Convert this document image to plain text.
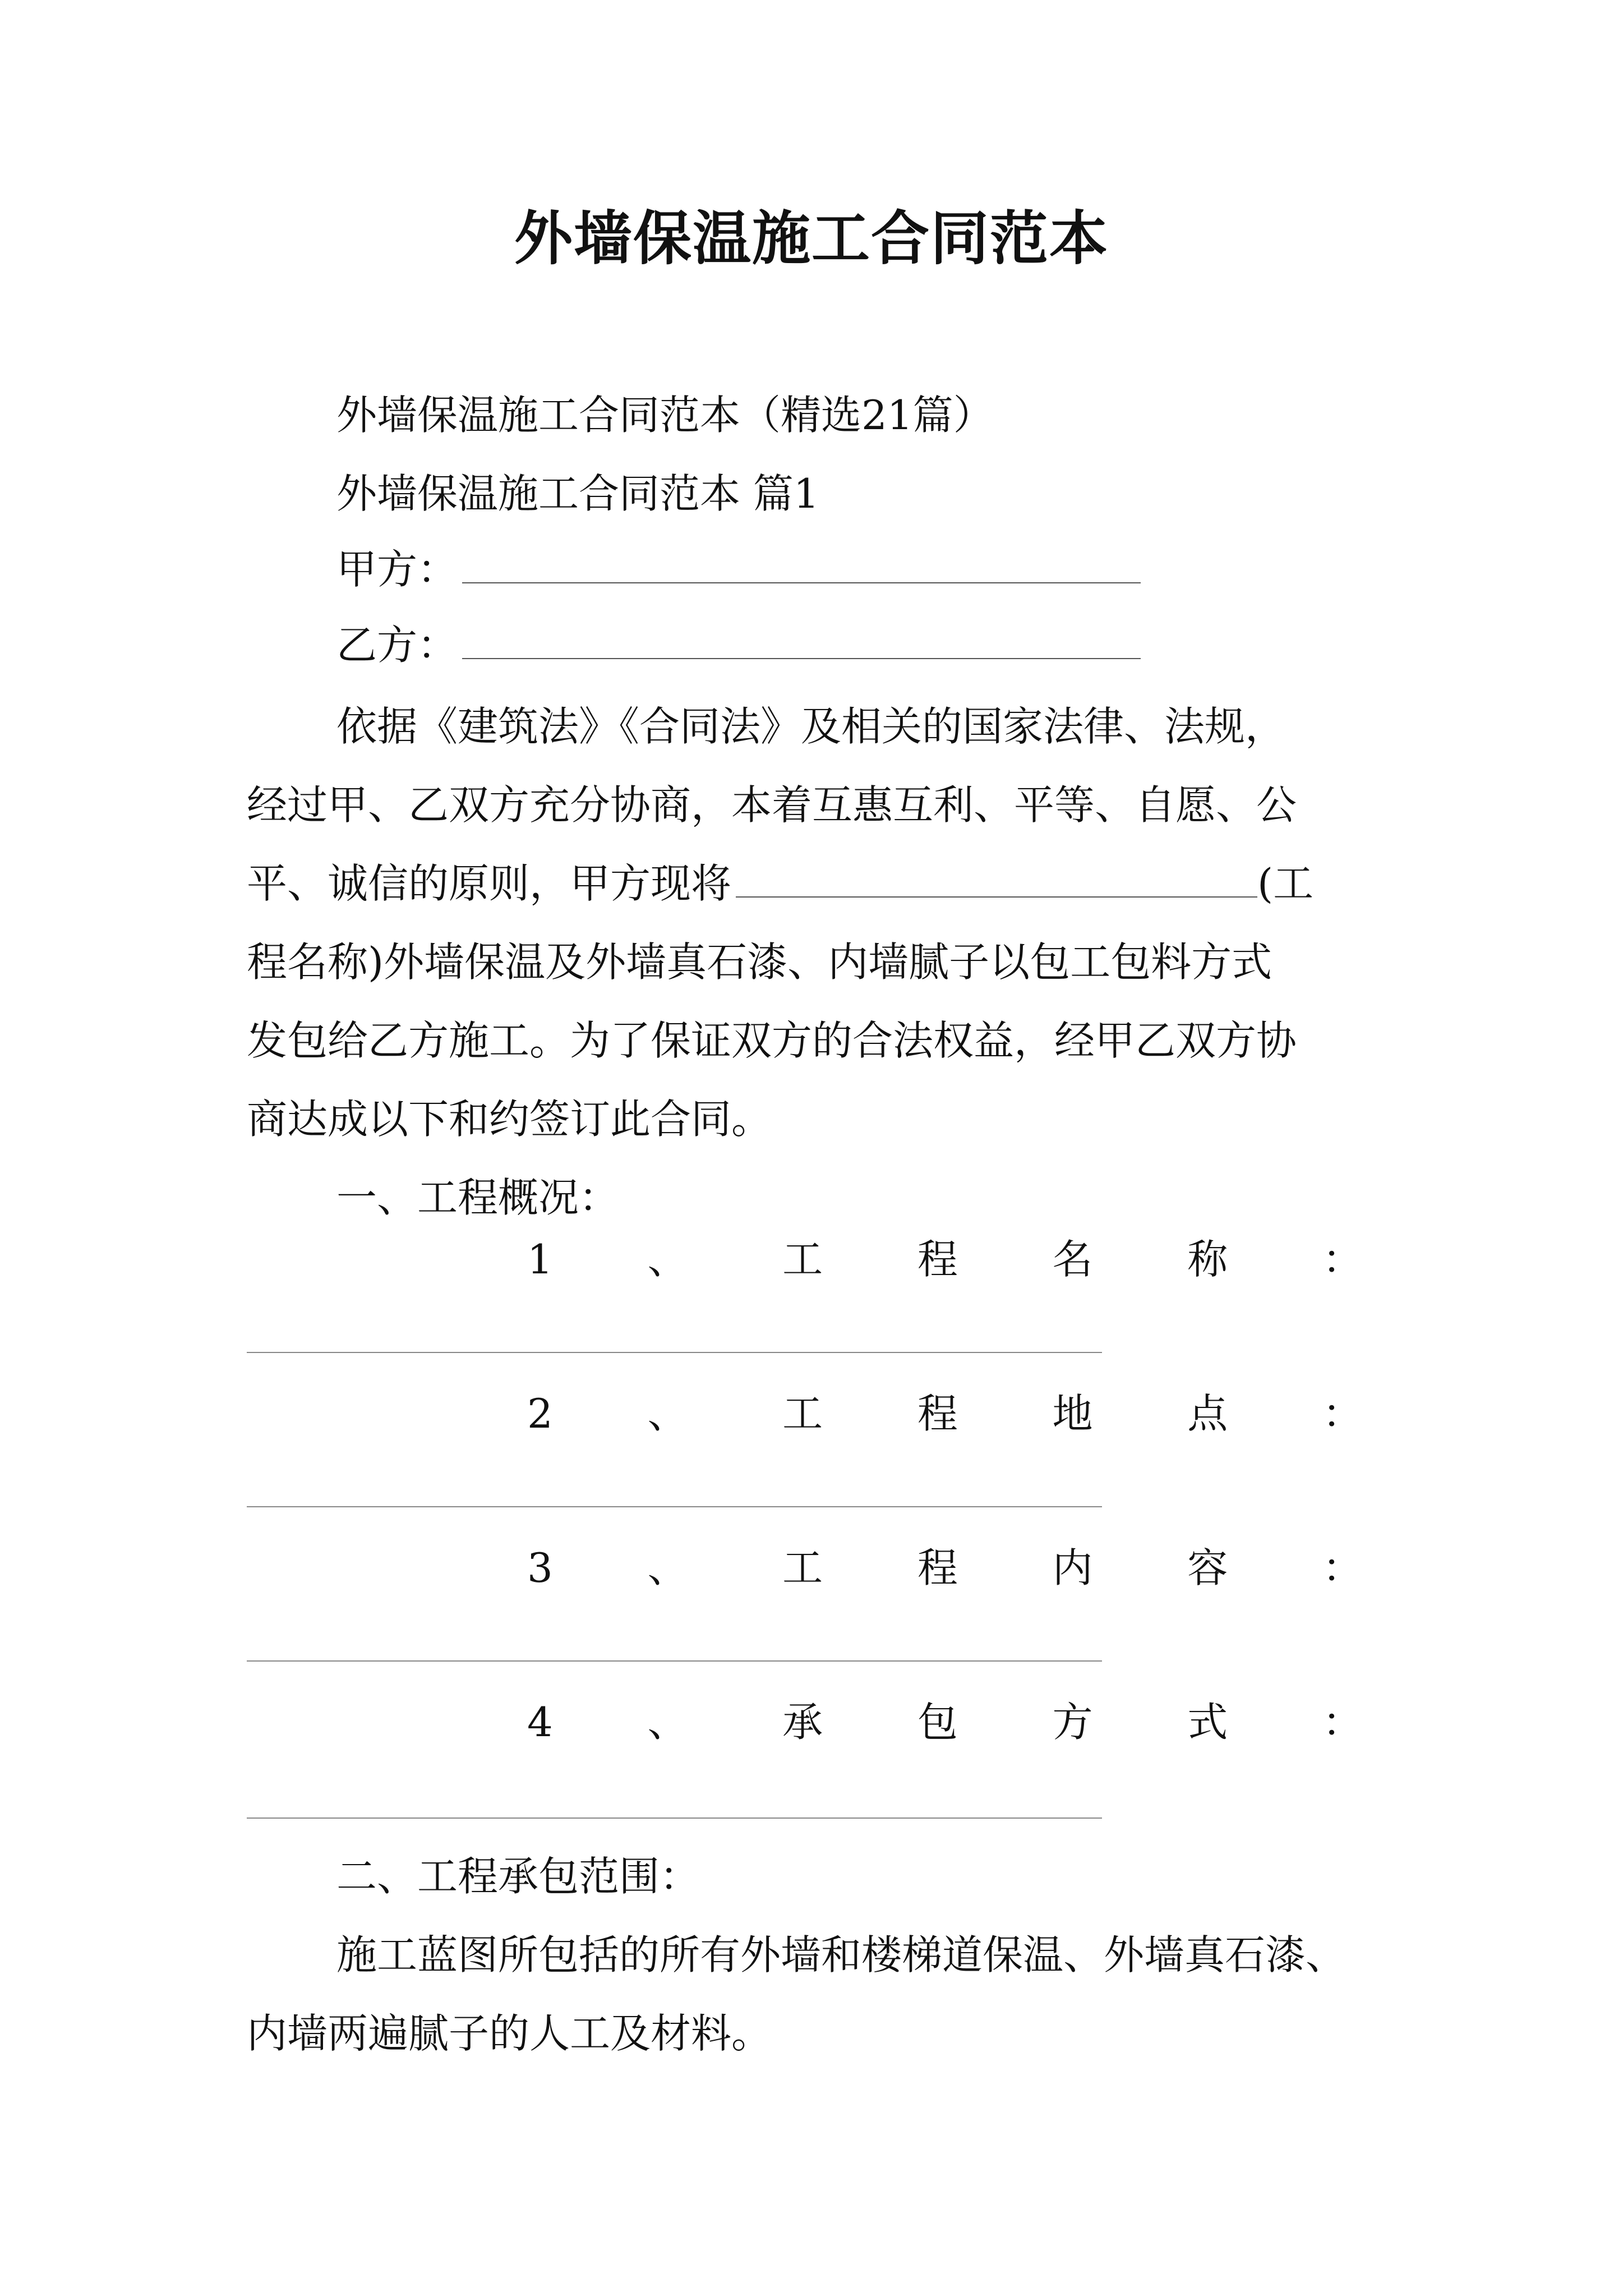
外墙保温施工合同范本
外墙保温施工合同范本（精选21篇）
外墙保温施工合同范本 篇1
甲方：
乙方：
依据《建筑法》《合同法》及相关的国家法律、法规，
经过甲、乙双方充分协商，本着互惠互利、平等、自愿、公
平、诚信的原则，甲方现将	(工
程名称)外墙保温及外墙真石漆、内墙腻子以包工包料方式
发包给乙方施工。为了保证双方的合法权益，经甲乙双方协
商达成以下和约签订此合同。
一、工程概况：
1 、 工 程 名 称 ：
2 、 工 程 地 点 ：
3 、 工 程 内 容 ：
4 、 承 包 方 式 ：
二、工程承包范围：
施工蓝图所包括的所有外墙和楼梯道保温、外墙真石漆、
内墙两遍腻子的人工及材料。
